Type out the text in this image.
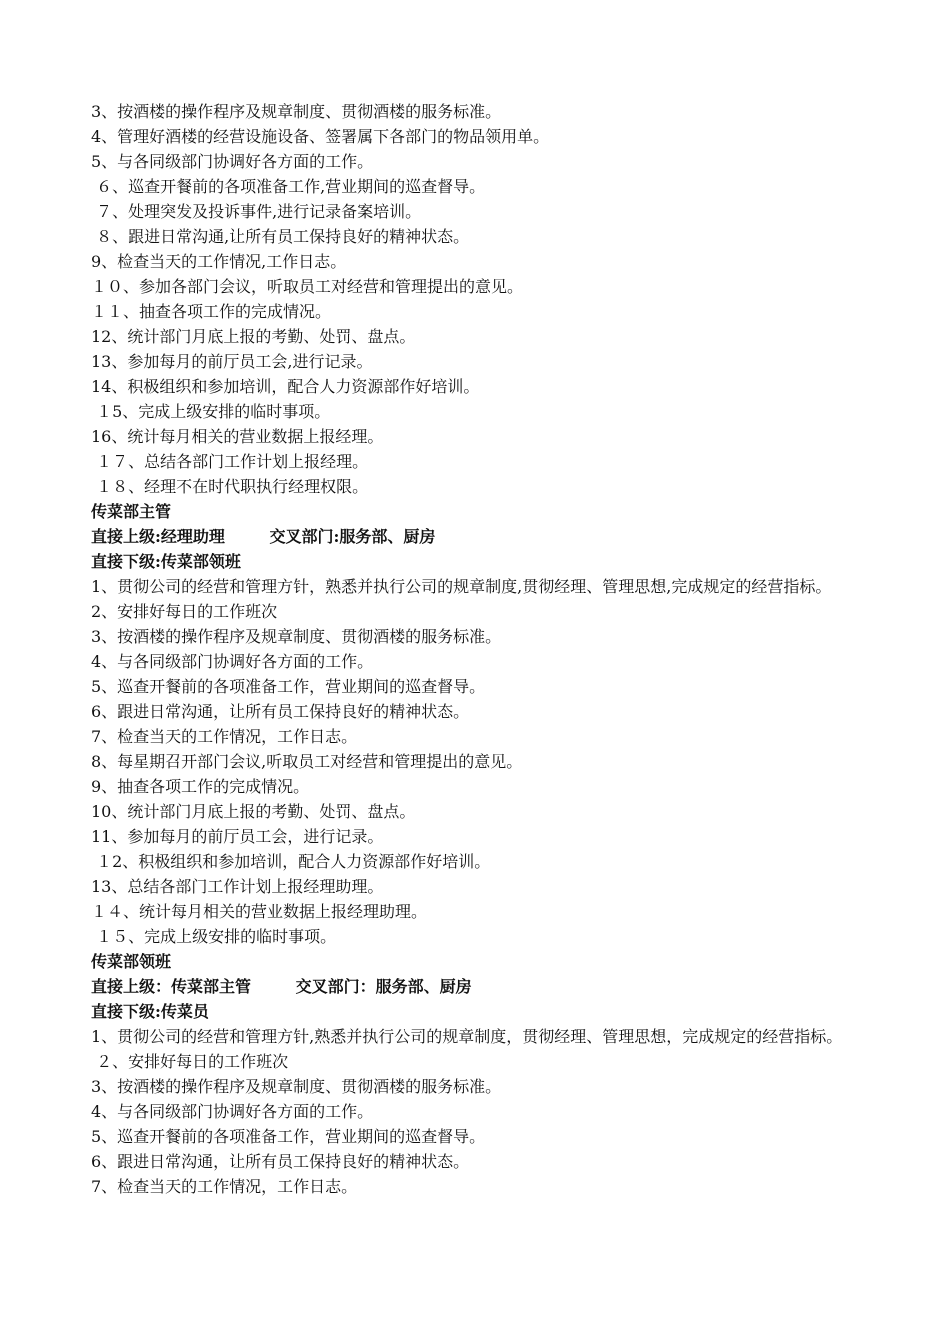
3、按酒楼的操作程序及规章制度、贯彻酒楼的服务标准。

4、管理好酒楼的经营设施设备、签署属下各部门的物品领用单。

5、与各同级部门协调好各方面的工作。

６、巡查开餐前的各项准备工作,营业期间的巡查督导。

７、处理突发及投诉事件,进行记录备案培训。

８、跟进日常沟通,让所有员工保持良好的精神状态。

9、检查当天的工作情况,工作日志。

１０、参加各部门会议，听取员工对经营和管理提出的意见。

１１、抽查各项工作的完成情况。

12、统计部门月底上报的考勤、处罚、盘点。

13、参加每月的前厅员工会,进行记录。

14、积极组织和参加培训，配合人力资源部作好培训。

１5、完成上级安排的临时事项。

16、统计每月相关的营业数据上报经理。

１７、总结各部门工作计划上报经理。

１８、经理不在时代职执行经理权限。

传菜部主管

直接上级:经理助理        交叉部门:服务部、厨房

直接下级:传菜部领班

1、贯彻公司的经营和管理方针，熟悉并执行公司的规章制度,贯彻经理、管理思想,完成规定的经营指标。

2、安排好每日的工作班次

3、按酒楼的操作程序及规章制度、贯彻酒楼的服务标准。

4、与各同级部门协调好各方面的工作。

5、巡查开餐前的各项准备工作，营业期间的巡查督导。

6、跟进日常沟通，让所有员工保持良好的精神状态。

7、检查当天的工作情况，工作日志。

8、每星期召开部门会议,听取员工对经营和管理提出的意见。

9、抽查各项工作的完成情况。

10、统计部门月底上报的考勤、处罚、盘点。

11、参加每月的前厅员工会，进行记录。

１2、积极组织和参加培训，配合人力资源部作好培训。

13、总结各部门工作计划上报经理助理。

１４、统计每月相关的营业数据上报经理助理。

１５、完成上级安排的临时事项。

传菜部领班

直接上级：传菜部主管        交叉部门：服务部、厨房

直接下级:传菜员

1、贯彻公司的经营和管理方针,熟悉并执行公司的规章制度，贯彻经理、管理思想，完成规定的经营指标。

２、安排好每日的工作班次

3、按酒楼的操作程序及规章制度、贯彻酒楼的服务标准。

4、与各同级部门协调好各方面的工作。

5、巡查开餐前的各项准备工作，营业期间的巡查督导。

6、跟进日常沟通，让所有员工保持良好的精神状态。

7、检查当天的工作情况，工作日志。
